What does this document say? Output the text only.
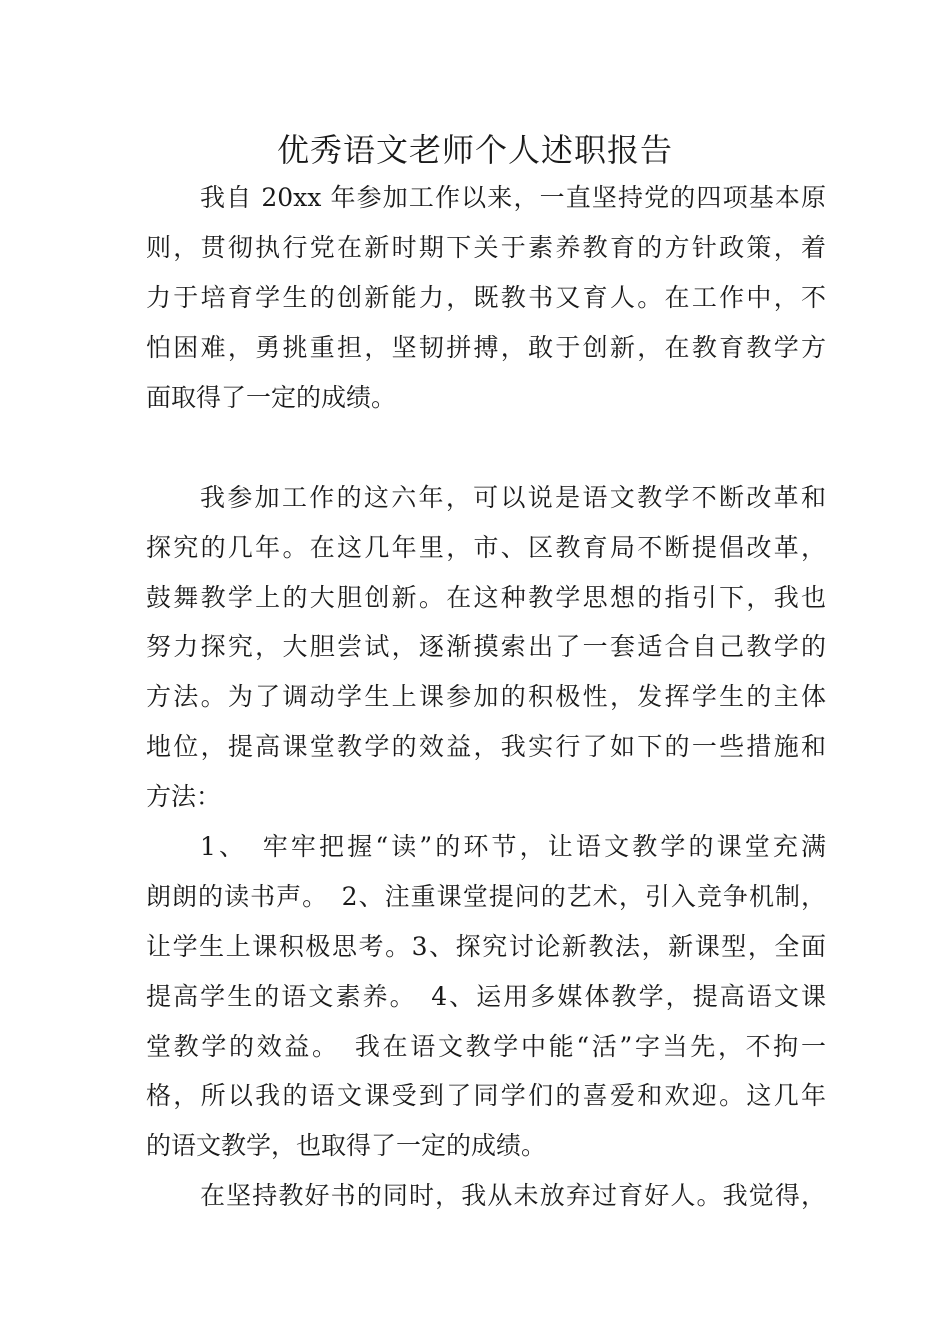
优秀语文老师个人述职报告
我自 20xx 年参加工作以来，一直坚持党的四项基本原
则，贯彻执行党在新时期下关于素养教育的方针政策，着
力于培育学生的创新能力，既教书又育人。在工作中，不
怕困难，勇挑重担，坚韧拼搏，敢于创新，在教育教学方
面取得了一定的成绩。
我参加工作的这六年，可以说是语文教学不断改革和
探究的几年。在这几年里，市、区教育局不断提倡改革，
鼓舞教学上的大胆创新。在这种教学思想的指引下，我也
努力探究，大胆尝试，逐渐摸索出了一套适合自己教学的
方法。为了调动学生上课参加的积极性，发挥学生的主体
地位，提高课堂教学的效益，我实行了如下的一些措施和
方法：
1、　牢牢把握“读”的环节，让语文教学的课堂充满
朗朗的读书声。　2、注重课堂提问的艺术，引入竞争机制，
让学生上课积极思考。3、探究讨论新教法，新课型，全面
提高学生的语文素养。　4、运用多媒体教学，提高语文课
堂教学的效益。　我在语文教学中能“活”字当先，不拘一
格，所以我的语文课受到了同学们的喜爱和欢迎。这几年
的语文教学，也取得了一定的成绩。
在坚持教好书的同时，我从未放弃过育好人。我觉得，
